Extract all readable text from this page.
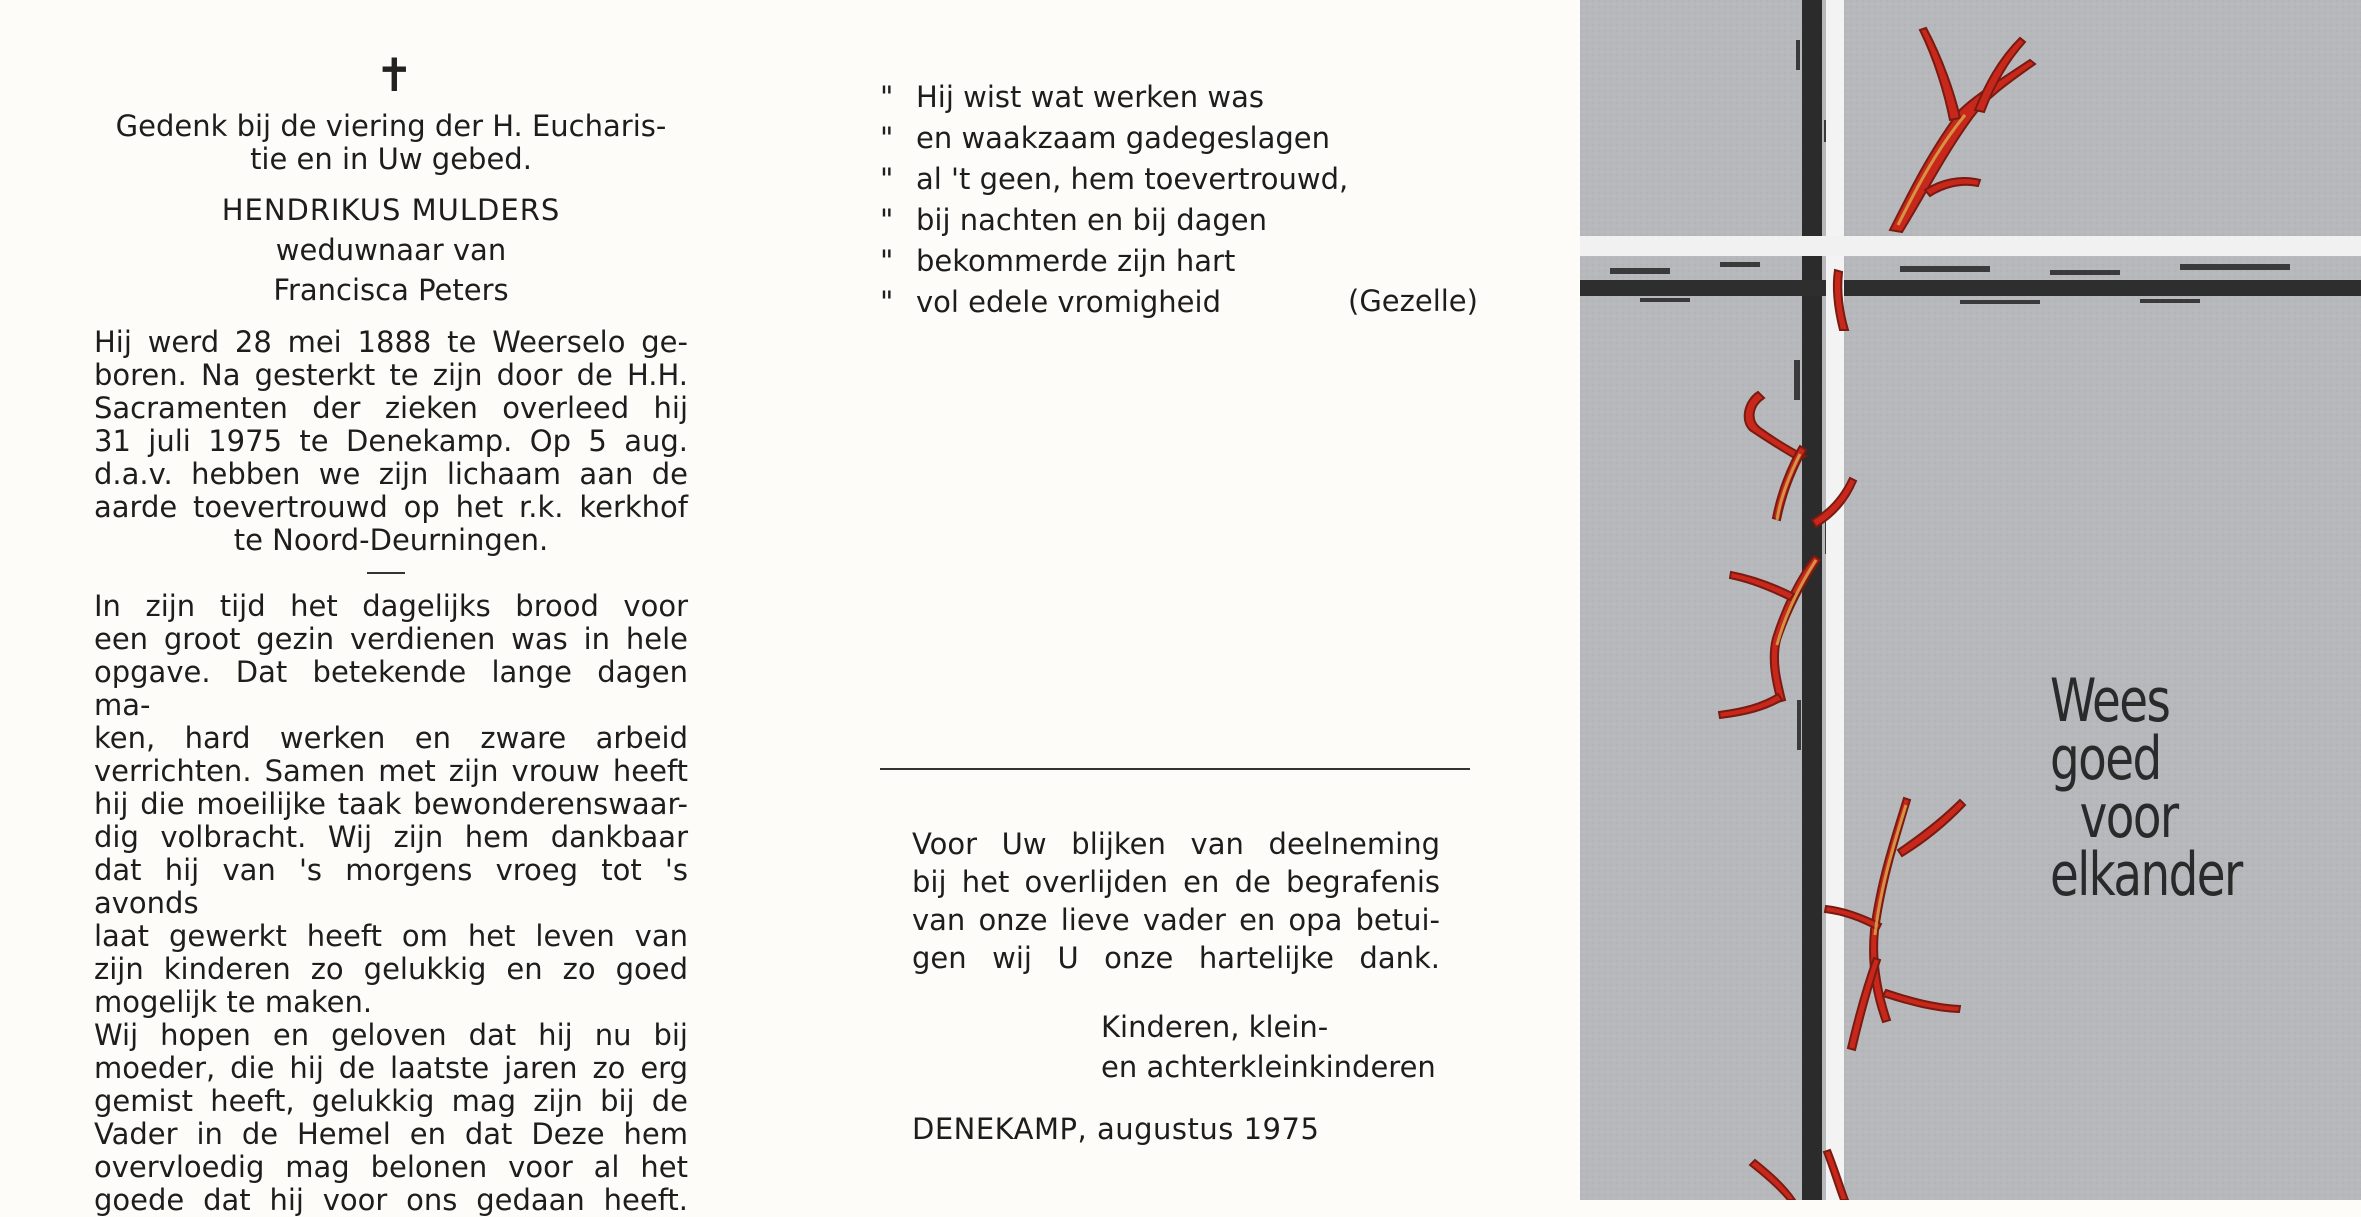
✝
Gedenk bij de viering der H. Eucharis-
tie en in Uw gebed.
HENDRIKUS MULDERS
weduwnaar van
Francisca Peters
Hij werd 28 mei 1888 te Weerselo ge-
boren. Na gesterkt te zijn door de H.H.
Sacramenten der zieken overleed hij
31 juli 1975 te Denekamp. Op 5 aug.
d.a.v. hebben we zijn lichaam aan de
aarde toevertrouwd op het r.k. kerkhof
te Noord-Deurningen.
In zijn tijd het dagelijks brood voor
een groot gezin verdienen was in hele
opgave. Dat betekende lange dagen ma-
ken, hard werken en zware arbeid
verrichten. Samen met zijn vrouw heeft
hij die moeilijke taak bewonderenswaar-
dig volbracht. Wij zijn hem dankbaar
dat hij van 's morgens vroeg tot 's avonds
laat gewerkt heeft om het leven van
zijn kinderen zo gelukkig en zo goed
mogelijk te maken.
Wij hopen en geloven dat hij nu bij
moeder, die hij de laatste jaren zo erg
gemist heeft, gelukkig mag zijn bij de
Vader in de Hemel en dat Deze hem
overvloedig mag belonen voor al het
goede dat hij voor ons gedaan heeft.
" Hij wist wat werken was
" en waakzaam gadegeslagen
" al 't geen, hem toevertrouwd,
" bij nachten en bij dagen
" bekommerde zijn hart
" vol edele vromigheid	(Gezelle)
Voor Uw blijken van deelneming
bij het overlijden en de begrafenis
van onze lieve vader en opa betui-
gen wij U onze hartelijke dank.
Kinderen, klein-
en achterkleinkinderen
DENEKAMP, augustus 1975
Wees
goed
voor
elkander
